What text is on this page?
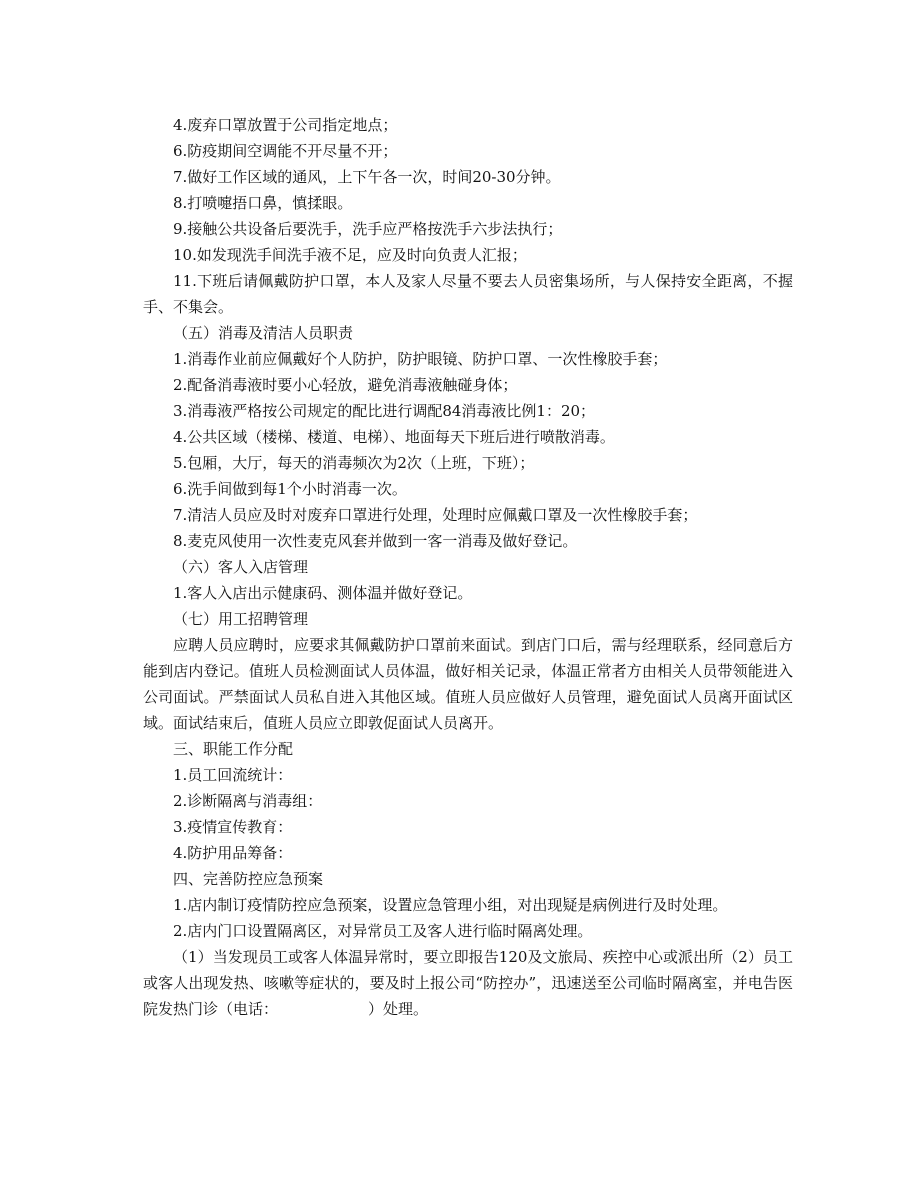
4.废弃口罩放置于公司指定地点；

6.防疫期间空调能不开尽量不开；

7.做好工作区域的通风，上下午各一次，时间20-30分钟。

8.打喷嚏捂口鼻，慎揉眼。

9.接触公共设备后要洗手，洗手应严格按洗手六步法执行；

10.如发现洗手间洗手液不足，应及时向负责人汇报；

11.下班后请佩戴防护口罩，本人及家人尽量不要去人员密集场所，与人保持安全距离，不握手、不集会。

（五）消毒及清洁人员职责

1.消毒作业前应佩戴好个人防护，防护眼镜、防护口罩、一次性橡胶手套；

2.配备消毒液时要小心轻放，避免消毒液触碰身体；

3.消毒液严格按公司规定的配比进行调配84消毒液比例1：20；

4.公共区域（楼梯、楼道、电梯）、地面每天下班后进行喷散消毒。

5.包厢，大厅，每天的消毒频次为2次（上班，下班）；

6.洗手间做到每1个小时消毒一次。

7.清洁人员应及时对废弃口罩进行处理，处理时应佩戴口罩及一次性橡胶手套；

8.麦克风使用一次性麦克风套并做到一客一消毒及做好登记。

（六）客人入店管理

1.客人入店出示健康码、测体温并做好登记。

（七）用工招聘管理

应聘人员应聘时，应要求其佩戴防护口罩前来面试。到店门口后，需与经理联系，经同意后方能到店内登记。值班人员检测面试人员体温，做好相关记录，体温正常者方由相关人员带领能进入公司面试。严禁面试人员私自进入其他区域。值班人员应做好人员管理，避免面试人员离开面试区域。面试结束后，值班人员应立即敦促面试人员离开。

三、职能工作分配

1.员工回流统计：

2.诊断隔离与消毒组：

3.疫情宣传教育：

4.防护用品筹备：

四、完善防控应急预案

1.店内制订疫情防控应急预案，设置应急管理小组，对出现疑是病例进行及时处理。

2.店内门口设置隔离区，对异常员工及客人进行临时隔离处理。

（1）当发现员工或客人体温异常时，要立即报告120及文旅局、疾控中心或派出所（2）员工或客人出现发热、咳嗽等症状的，要及时上报公司“防控办”，迅速送至公司临时隔离室，并电告医院发热门诊（电话：	）处理。
